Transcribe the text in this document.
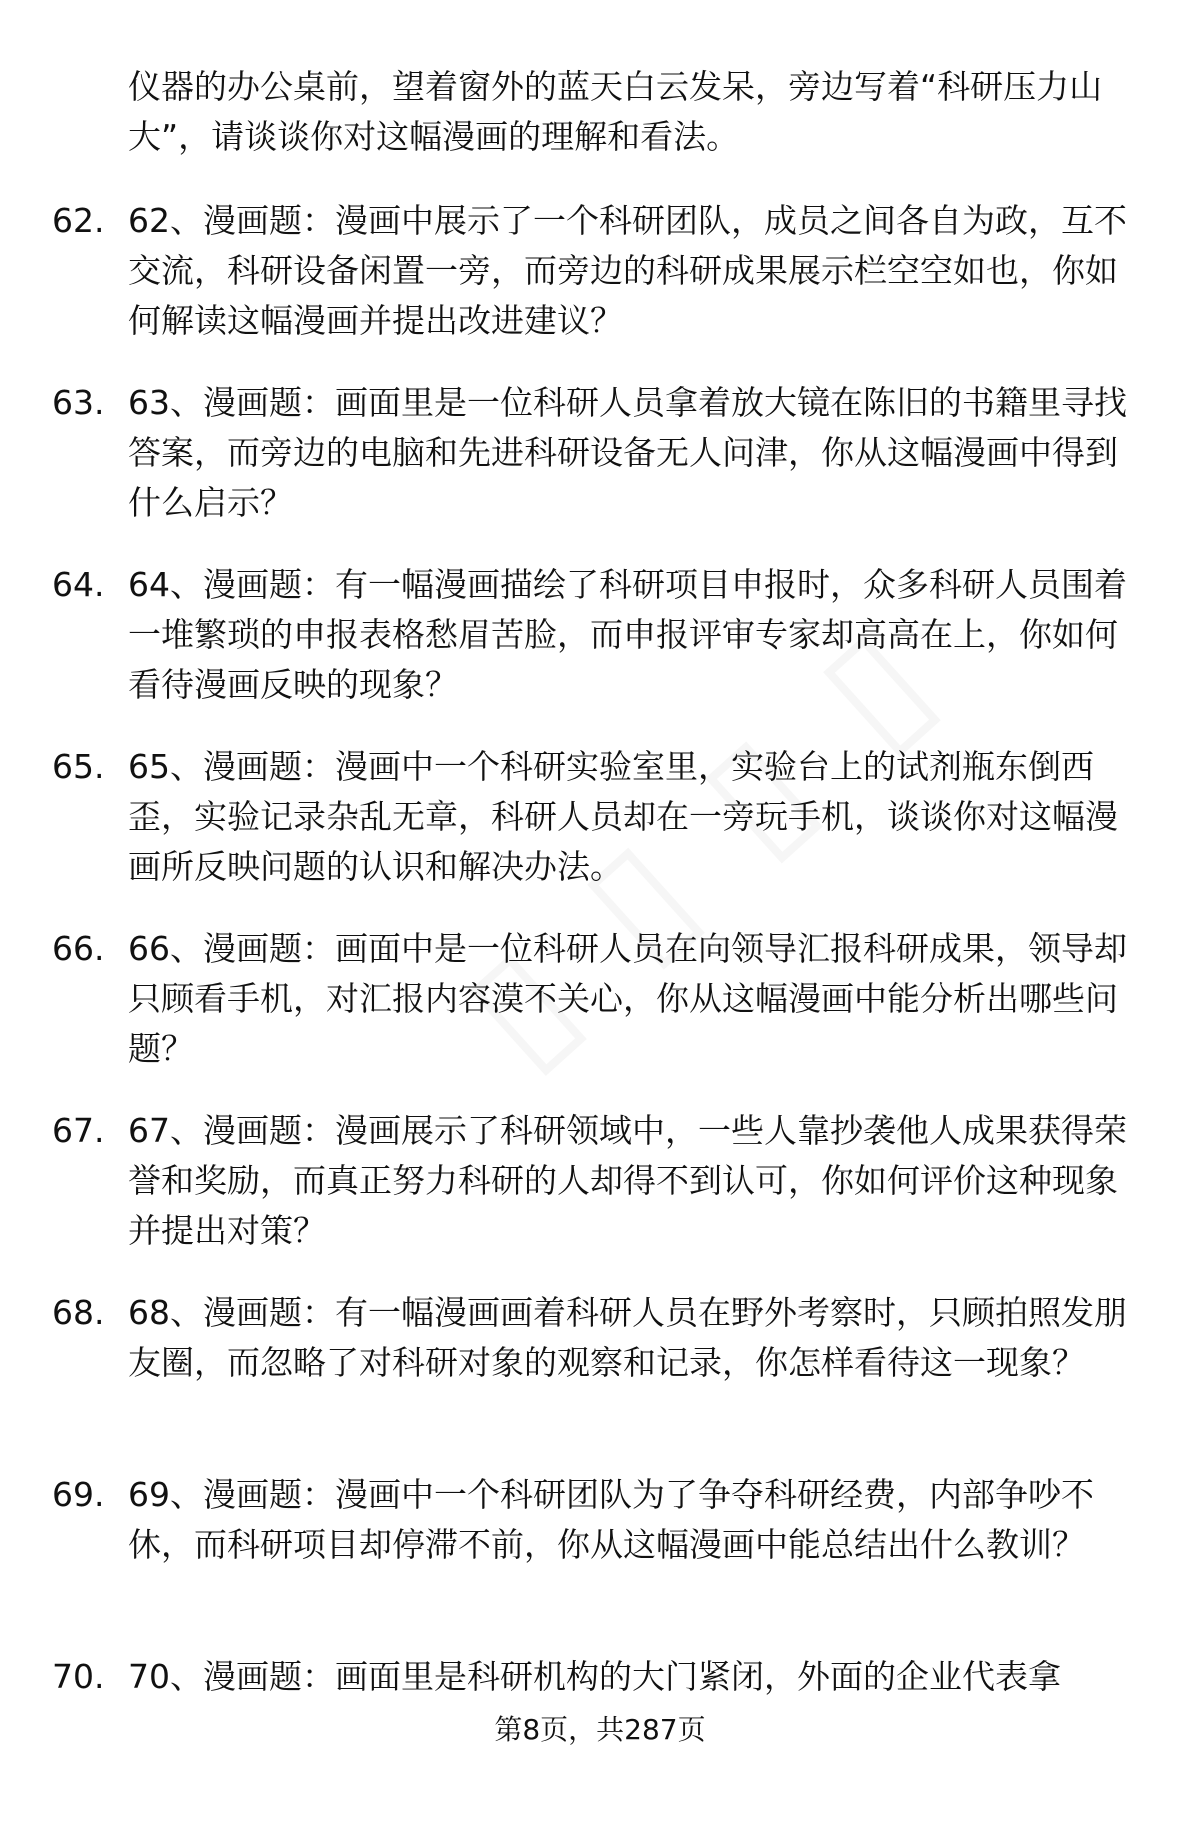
仪器的办公桌前，望着窗外的蓝天白云发呆，旁边写着“科研压力山大”，请谈谈你对这幅漫画的理解和看法。

62. 62、漫画题：漫画中展示了一个科研团队，成员之间各自为政，互不交流，科研设备闲置一旁，而旁边的科研成果展示栏空空如也，你如何解读这幅漫画并提出改进建议？

63. 63、漫画题：画面里是一位科研人员拿着放大镜在陈旧的书籍里寻找答案，而旁边的电脑和先进科研设备无人问津，你从这幅漫画中得到什么启示？

64. 64、漫画题：有一幅漫画描绘了科研项目申报时，众多科研人员围着一堆繁琐的申报表格愁眉苦脸，而申报评审专家却高高在上，你如何看待漫画反映的现象？

65. 65、漫画题：漫画中一个科研实验室里，实验台上的试剂瓶东倒西歪，实验记录杂乱无章，科研人员却在一旁玩手机，谈谈你对这幅漫画所反映问题的认识和解决办法。

66. 66、漫画题：画面中是一位科研人员在向领导汇报科研成果，领导却只顾看手机，对汇报内容漠不关心，你从这幅漫画中能分析出哪些问题？

67. 67、漫画题：漫画展示了科研领域中，一些人靠抄袭他人成果获得荣誉和奖励，而真正努力科研的人却得不到认可，你如何评价这种现象并提出对策？

68. 68、漫画题：有一幅漫画画着科研人员在野外考察时，只顾拍照发朋友圈，而忽略了对科研对象的观察和记录，你怎样看待这一现象？

69. 69、漫画题：漫画中一个科研团队为了争夺科研经费，内部争吵不休，而科研项目却停滞不前，你从这幅漫画中能总结出什么教训？

70. 70、漫画题：画面里是科研机构的大门紧闭，外面的企业代表拿

第8页，共287页
